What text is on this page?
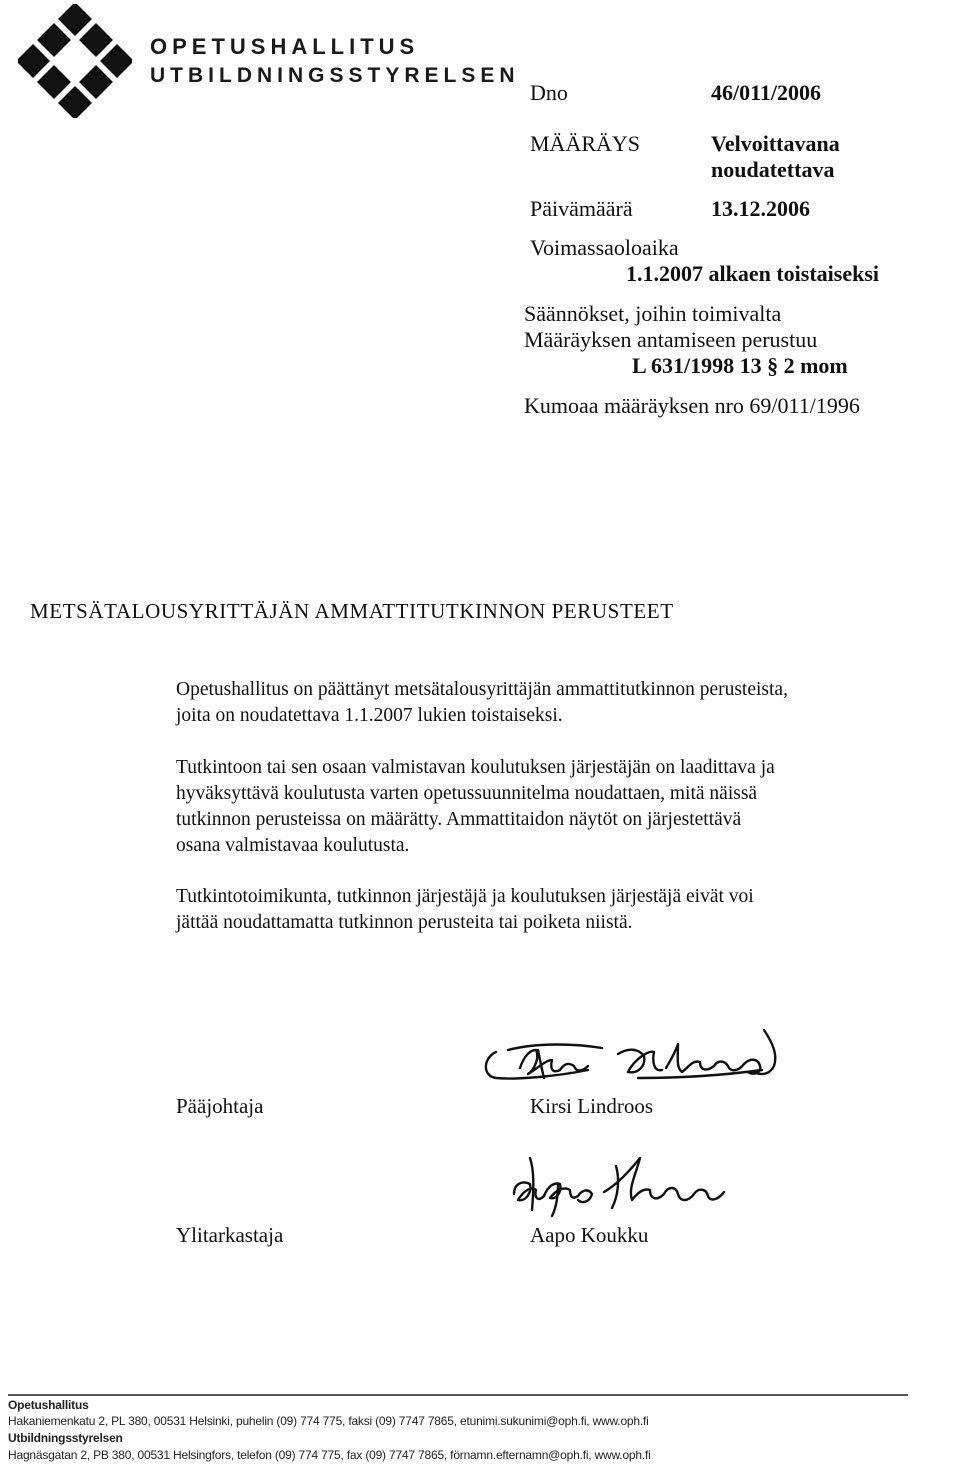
OPETUSHALLITUS
UTBILDNINGSSTYRELSEN
Dno	46/011/2006
MÄÄRÄYS	Velvoittavana
noudatettava
Päivämäärä	13.12.2006
Voimassaoloaika
1.1.2007 alkaen toistaiseksi
Säännökset, joihin toimivalta
Määräyksen antamiseen perustuu
L 631/1998 13 § 2 mom
Kumoaa määräyksen nro 69/011/1996
METSÄTALOUSYRITTÄJÄN AMMATTITUTKINNON PERUSTEET
Opetushallitus on päättänyt metsätalousyrittäjän ammattitutkinnon perusteista,
joita on noudatettava 1.1.2007 lukien toistaiseksi.
Tutkintoon tai sen osaan valmistavan koulutuksen järjestäjän on laadittava ja
hyväksyttävä koulutusta varten opetussuunnitelma noudattaen, mitä näissä
tutkinnon perusteissa on määrätty. Ammattitaidon näytöt on järjestettävä
osana valmistavaa koulutusta.
Tutkintotoimikunta, tutkinnon järjestäjä ja koulutuksen järjestäjä eivät voi
jättää noudattamatta tutkinnon perusteita tai poiketa niistä.
Pääjohtaja	Kirsi Lindroos
Ylitarkastaja	Aapo Koukku
Opetushallitus
Hakaniemenkatu 2, PL 380, 00531 Helsinki, puhelin (09) 774 775, faksi (09) 7747 7865, etunimi.sukunimi@oph.fi, www.oph.fi
Utbildningsstyrelsen
Hagnäsgatan 2, PB 380, 00531 Helsingfors, telefon (09) 774 775, fax (09) 7747 7865, förnamn.efternamn@oph.fi, www.oph.fi
